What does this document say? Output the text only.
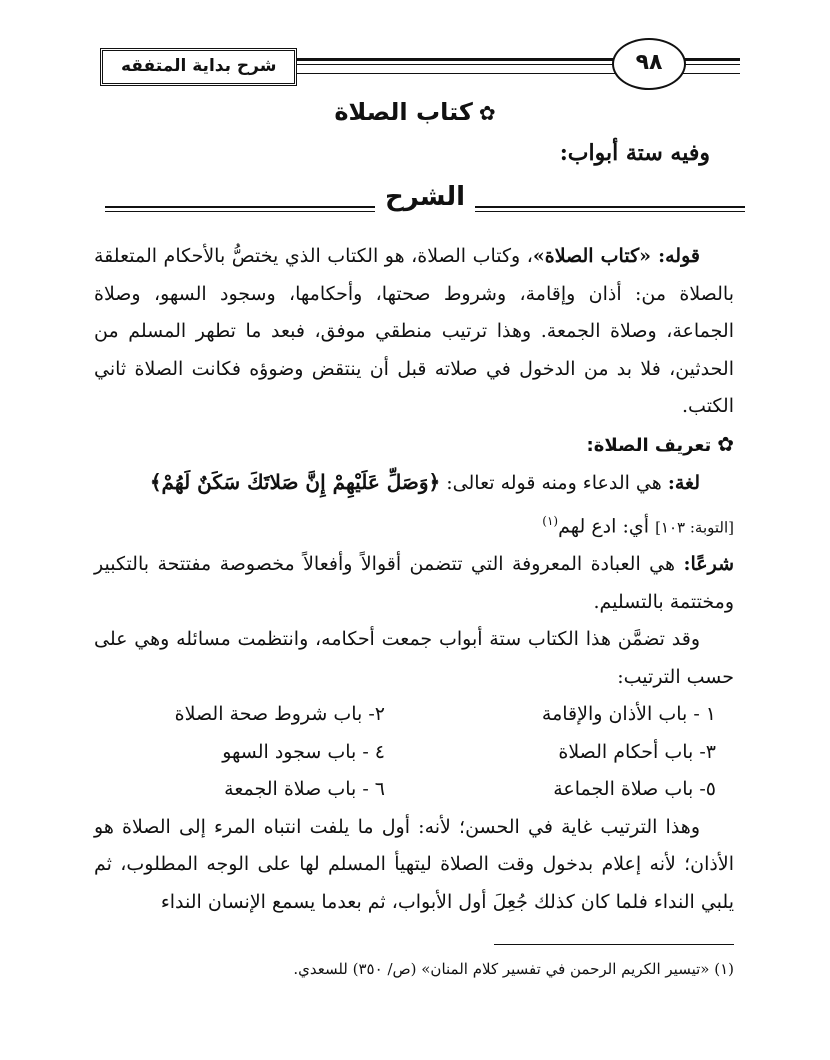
شرح بداية المتفقه	٩٨
✿كتاب الصلاة
وفيه ستة أبواب:
الشرح

قوله: «كتاب الصلاة»، وكتاب الصلاة، هو الكتاب الذي يختصُّ بالأحكام المتعلقة بالصلاة من: أذان وإقامة، وشروط صحتها، وأحكامها، وسجود السهو، وصلاة الجماعة، وصلاة الجمعة. وهذا ترتيب منطقي موفق، فبعد ما تطهر المسلم من الحدثين، فلا بد من الدخول في صلاته قبل أن ينتقض وضوؤه فكانت الصلاة ثاني الكتب.

✿تعريف الصلاة:

لغة: هي الدعاء ومنه قوله تعالى: ﴿وَصَلِّ عَلَيْهِمْ إِنَّ صَلاتَكَ سَكَنٌ لَهُمْ﴾
[التوبة: ١٠٣] أي: ادع لهم$^{(١)}$

شرعًا: هي العبادة المعروفة التي تتضمن أقوالاً وأفعالاً مخصوصة مفتتحة بالتكبير ومختتمة بالتسليم.

وقد تضمَّن هذا الكتاب ستة أبواب جمعت أحكامه، وانتظمت مسائله وهي على حسب الترتيب:

١ - باب الأذان والإقامة
٢- باب شروط صحة الصلاة
٣- باب أحكام الصلاة
٤ - باب سجود السهو
٥- باب صلاة الجماعة
٦ - باب صلاة الجمعة

وهذا الترتيب غاية في الحسن؛ لأنه: أول ما يلفت انتباه المرء إلى الصلاة هو الأذان؛ لأنه إعلام بدخول وقت الصلاة ليتهيأ المسلم لها على الوجه المطلوب، ثم يلبي النداء فلما كان كذلك جُعِلَ أول الأبواب، ثم بعدما يسمع الإنسان النداء

(١) «تيسير الكريم الرحمن في تفسير كلام المنان» (ص/ ٣٥٠) للسعدي.
